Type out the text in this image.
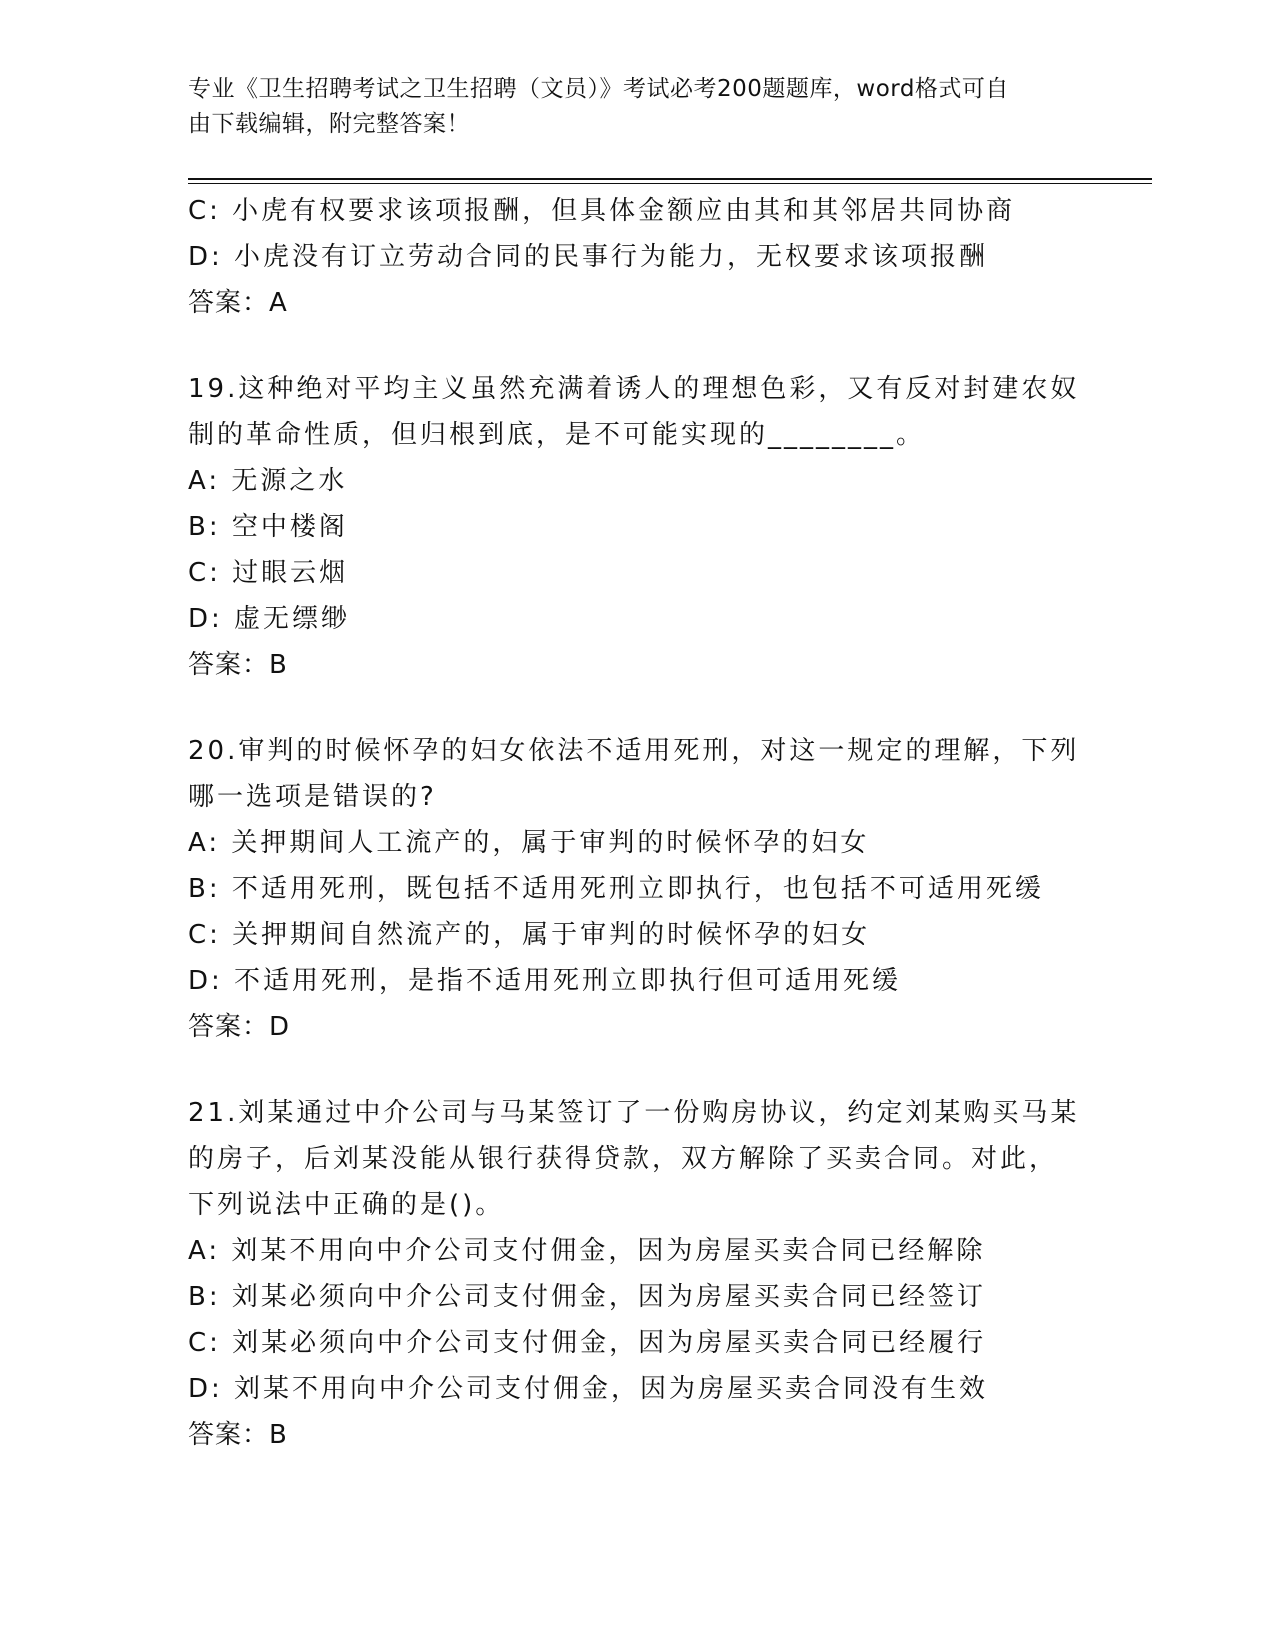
专业《卫生招聘考试之卫生招聘（文员）》考试必考200题题库，word格式可自
由下载编辑，附完整答案！
C: 小虎有权要求该项报酬，但具体金额应由其和其邻居共同协商
D: 小虎没有订立劳动合同的民事行为能力，无权要求该项报酬
答案：A
19.这种绝对平均主义虽然充满着诱人的理想色彩，又有反对封建农奴
制的革命性质，但归根到底，是不可能实现的________。
A: 无源之水
B: 空中楼阁
C: 过眼云烟
D: 虚无缥缈
答案：B
20.审判的时候怀孕的妇女依法不适用死刑，对这一规定的理解，下列
哪一选项是错误的?
A: 关押期间人工流产的，属于审判的时候怀孕的妇女
B: 不适用死刑，既包括不适用死刑立即执行，也包括不可适用死缓
C: 关押期间自然流产的，属于审判的时候怀孕的妇女
D: 不适用死刑，是指不适用死刑立即执行但可适用死缓
答案：D
21.刘某通过中介公司与马某签订了一份购房协议，约定刘某购买马某
的房子，后刘某没能从银行获得贷款，双方解除了买卖合同。对此，
下列说法中正确的是()。
A: 刘某不用向中介公司支付佣金，因为房屋买卖合同已经解除
B: 刘某必须向中介公司支付佣金，因为房屋买卖合同已经签订
C: 刘某必须向中介公司支付佣金，因为房屋买卖合同已经履行
D: 刘某不用向中介公司支付佣金，因为房屋买卖合同没有生效
答案：B
